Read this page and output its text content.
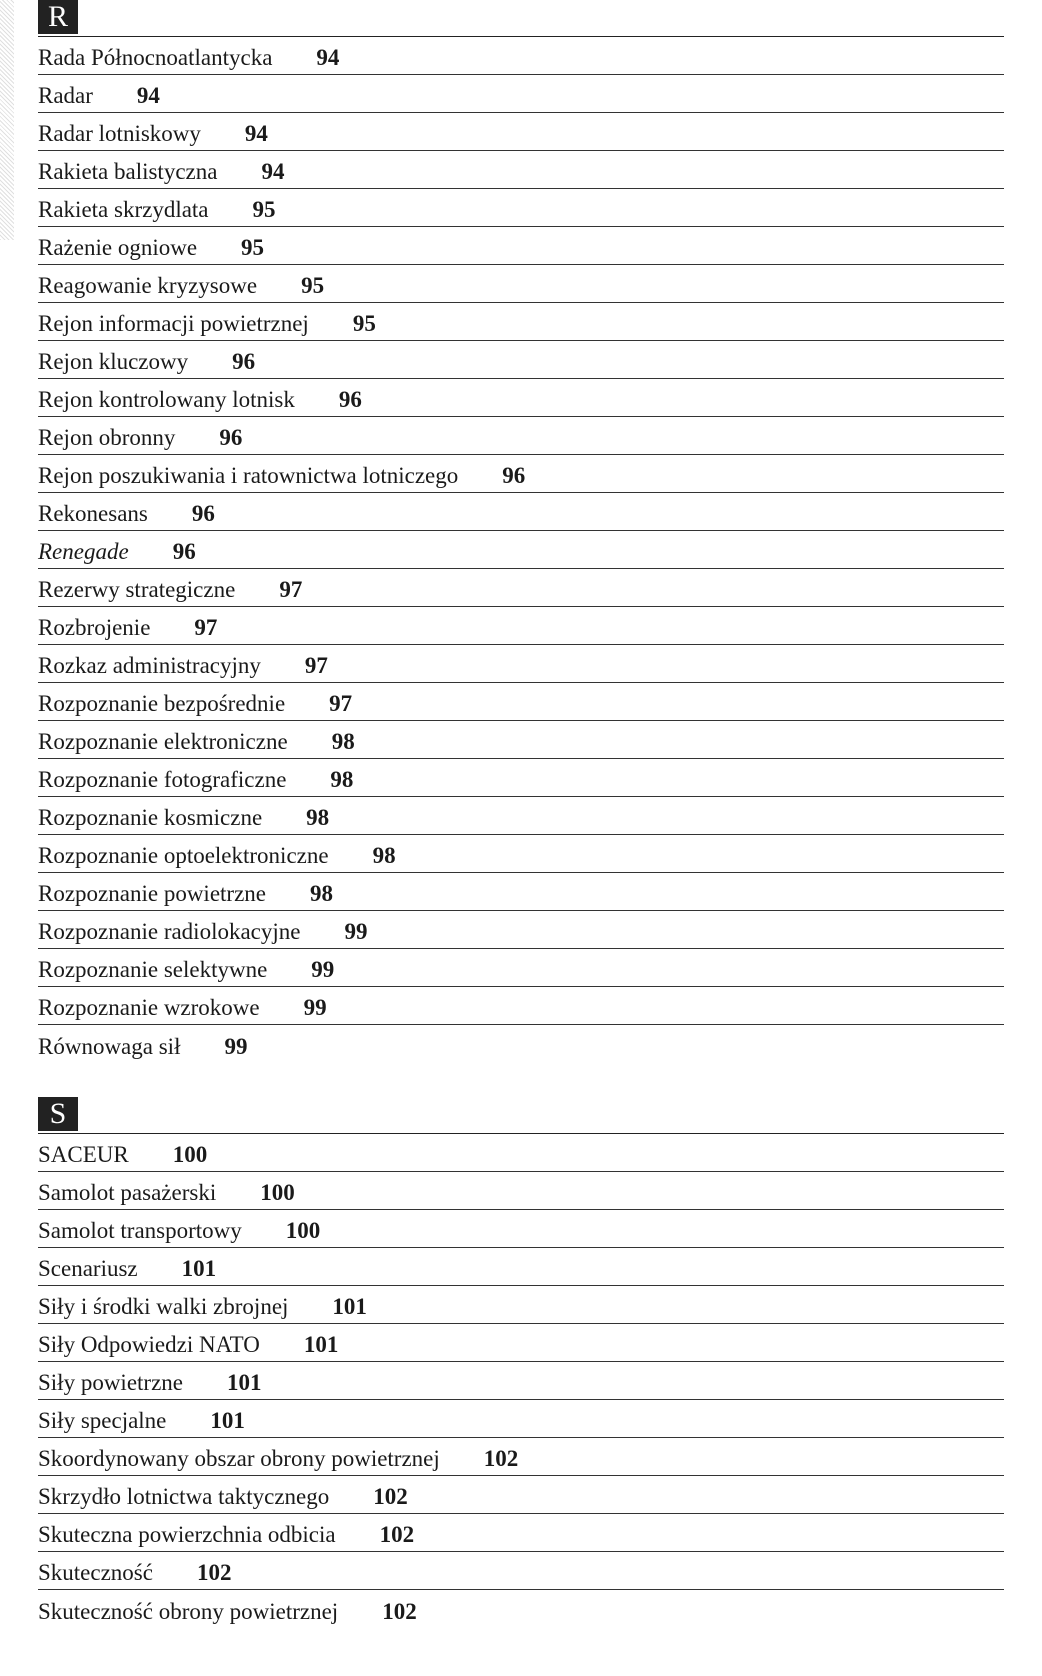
R
Rada Północnoatlantycka 94
Radar 94
Radar lotniskowy 94
Rakieta balistyczna 94
Rakieta skrzydlata 95
Rażenie ogniowe 95
Reagowanie kryzysowe 95
Rejon informacji powietrznej 95
Rejon kluczowy 96
Rejon kontrolowany lotnisk 96
Rejon obronny 96
Rejon poszukiwania i ratownictwa lotniczego 96
Rekonesans 96
Renegade 96
Rezerwy strategiczne 97
Rozbrojenie 97
Rozkaz administracyjny 97
Rozpoznanie bezpośrednie 97
Rozpoznanie elektroniczne 98
Rozpoznanie fotograficzne 98
Rozpoznanie kosmiczne 98
Rozpoznanie optoelektroniczne 98
Rozpoznanie powietrzne 98
Rozpoznanie radiolokacyjne 99
Rozpoznanie selektywne 99
Rozpoznanie wzrokowe 99
Równowaga sił 99
S
SACEUR 100
Samolot pasażerski 100
Samolot transportowy 100
Scenariusz 101
Siły i środki walki zbrojnej 101
Siły Odpowiedzi NATO 101
Siły powietrzne 101
Siły specjalne 101
Skoordynowany obszar obrony powietrznej 102
Skrzydło lotnictwa taktycznego 102
Skuteczna powierzchnia odbicia 102
Skuteczność 102
Skuteczność obrony powietrznej 102
